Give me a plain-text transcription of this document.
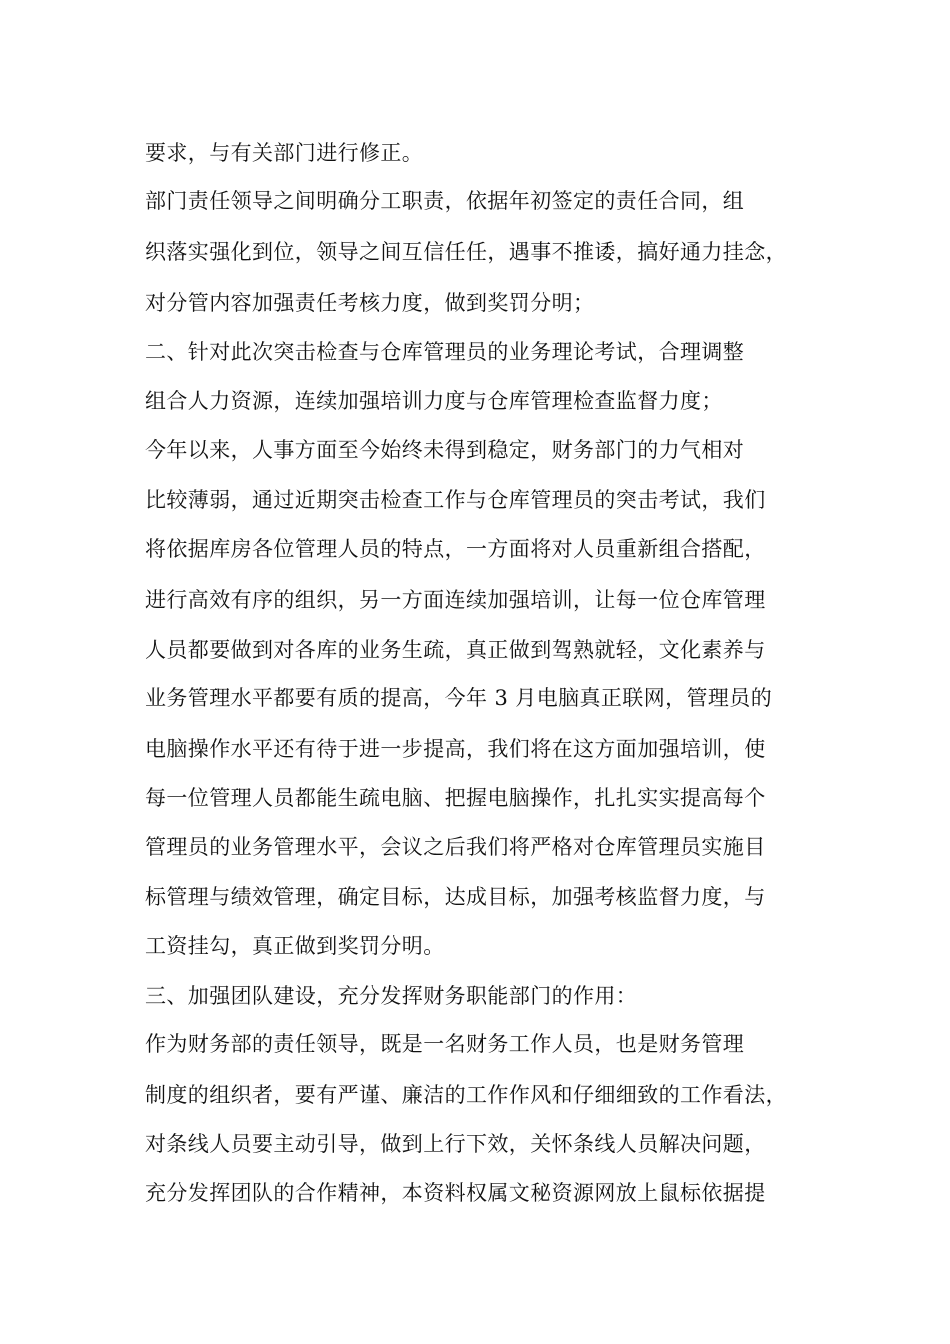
要求，与有关部门进行修正。
部门责任领导之间明确分工职责，依据年初签定的责任合同，组
织落实强化到位，领导之间互信任任，遇事不推诿，搞好通力挂念，
对分管内容加强责任考核力度，做到奖罚分明；
二、针对此次突击检查与仓库管理员的业务理论考试，合理调整
组合人力资源，连续加强培训力度与仓库管理检查监督力度；
今年以来，人事方面至今始终未得到稳定，财务部门的力气相对
比较薄弱，通过近期突击检查工作与仓库管理员的突击考试，我们
将依据库房各位管理人员的特点，一方面将对人员重新组合搭配，
进行高效有序的组织，另一方面连续加强培训，让每一位仓库管理
人员都要做到对各库的业务生疏，真正做到驾熟就轻，文化素养与
业务管理水平都要有质的提高，今年 3 月电脑真正联网，管理员的
电脑操作水平还有待于进一步提高，我们将在这方面加强培训，使
每一位管理人员都能生疏电脑、把握电脑操作，扎扎实实提高每个
管理员的业务管理水平，会议之后我们将严格对仓库管理员实施目
标管理与绩效管理，确定目标，达成目标，加强考核监督力度，与
工资挂勾，真正做到奖罚分明。
三、加强团队建设，充分发挥财务职能部门的作用：
作为财务部的责任领导，既是一名财务工作人员，也是财务管理
制度的组织者，要有严谨、廉洁的工作作风和仔细细致的工作看法，
对条线人员要主动引导，做到上行下效，关怀条线人员解决问题，
充分发挥团队的合作精神，本资料权属文秘资源网放上鼠标依据提
